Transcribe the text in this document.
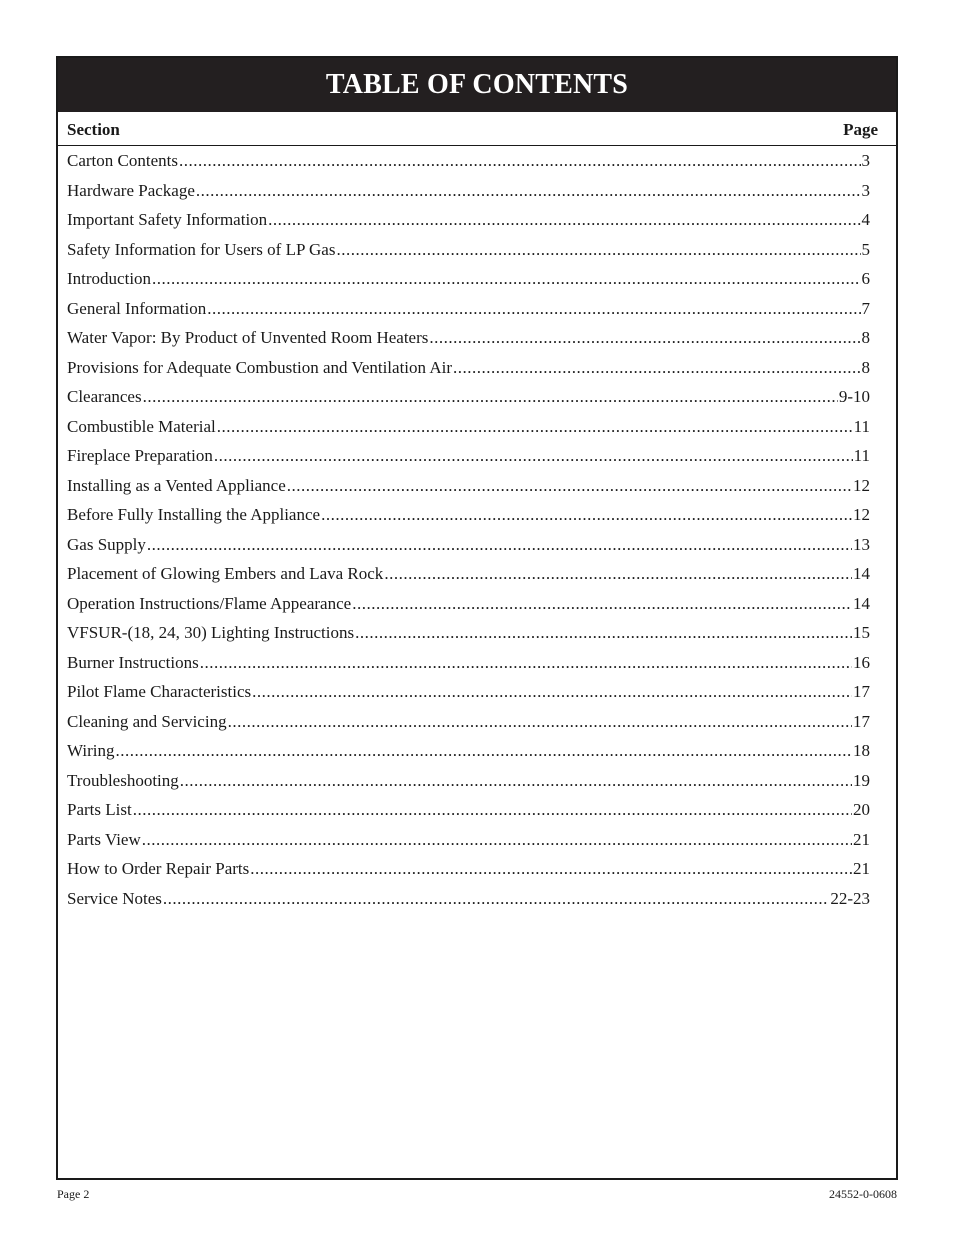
TABLE OF CONTENTS
Section	Page
Carton Contents .....	3
Hardware Package .....	3
Important Safety Information .....	4
Safety Information for Users of LP Gas .....	5
Introduction .....	6
General Information .....	7
Water Vapor: By Product of Unvented Room Heaters .....	8
Provisions for Adequate Combustion and Ventilation Air .....	8
Clearances .....	9-10
Combustible Material .....	11
Fireplace Preparation .....	11
Installing as a Vented Appliance .....	12
Before Fully Installing the Appliance .....	12
Gas Supply .....	13
Placement of Glowing Embers and Lava Rock .....	14
Operation Instructions/Flame Appearance .....	14
VFSUR-(18, 24, 30) Lighting Instructions .....	15
Burner Instructions .....	16
Pilot Flame Characteristics .....	17
Cleaning and Servicing .....	17
Wiring .....	18
Troubleshooting .....	19
Parts List .....	20
Parts View .....	21
How to Order Repair Parts .....	21
Service Notes .....	22-23
Page 2	24552-0-0608
